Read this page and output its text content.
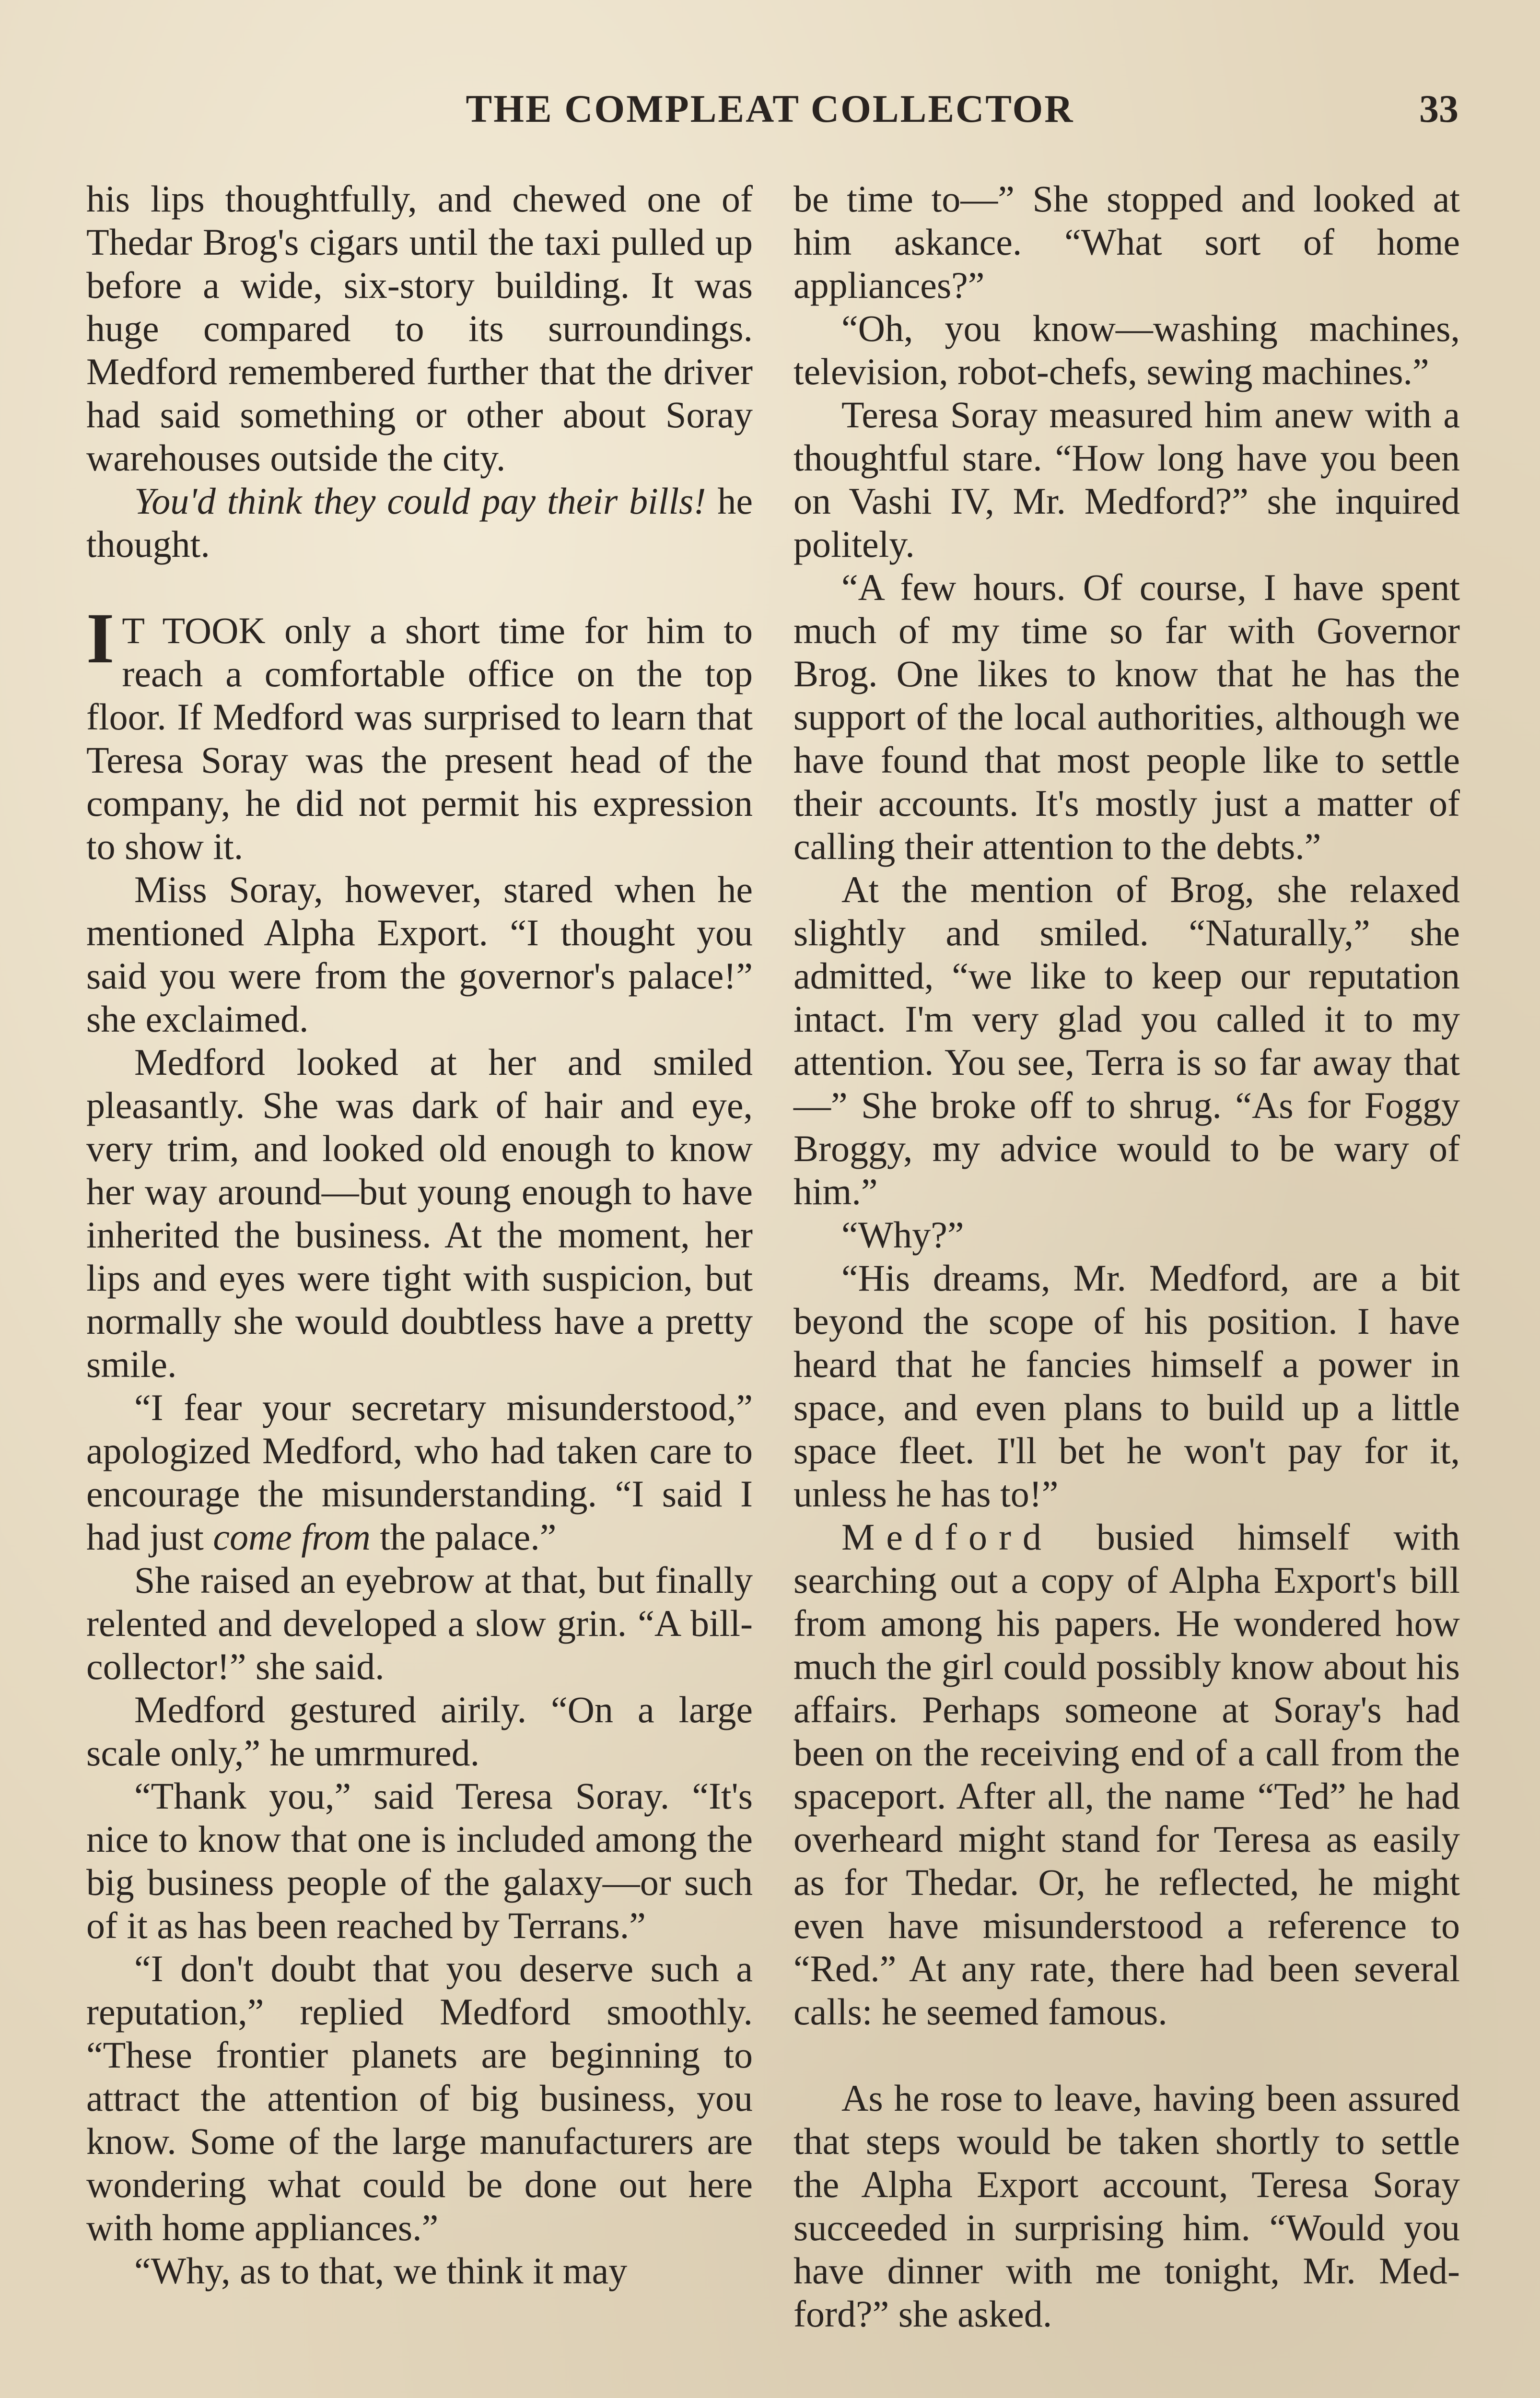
THE COMPLEAT COLLECTOR	33

his lips thoughtfully, and chewed one of Thedar Brog's cigars until the taxi pulled up before a wide, six-story building. It was huge compared to its surroundings. Medford remembered further that the driver had said something or other about Soray warehouses outside the city.

You'd think they could pay their bills! he thought.

I T TOOK only a short time for him to reach a comfortable office on the top floor. If Medford was surprised to learn that Teresa Soray was the present head of the company, he did not permit his expression to show it.

Miss Soray, however, stared when he mentioned Alpha Export. “I thought you said you were from the governor's palace!” she exclaimed.

Medford looked at her and smiled pleasantly. She was dark of hair and eye, very trim, and looked old enough to know her way around—but young enough to have inherited the business. At the moment, her lips and eyes were tight with suspicion, but normally she would doubtless have a pretty smile.

“I fear your secretary misunderstood,” apologized Medford, who had taken care to encourage the misunderstanding. “I said I had just come from the palace.”

She raised an eyebrow at that, but finally relented and developed a slow grin. “A bill-collector!” she said.

Medford gestured airily. “On a large scale only,” he umrmured.

“Thank you,” said Teresa Soray. “It's nice to know that one is included among the big business people of the galaxy—or such of it as has been reached by Terrans.”

“I don't doubt that you deserve such a reputation,” replied Medford smoothly. “These frontier planets are beginning to attract the attention of big business, you know. Some of the large manufacturers are wondering what could be done out here with home appliances.”

“Why, as to that, we think it may

be time to—” She stopped and looked at him askance. “What sort of home appliances?”

“Oh, you know—washing machines, television, robot-chefs, sewing machines.”

Teresa Soray measured him anew with a thoughtful stare. “How long have you been on Vashi IV, Mr. Medford?” she inquired politely.

“A few hours. Of course, I have spent much of my time so far with Governor Brog. One likes to know that he has the support of the local authorities, although we have found that most people like to settle their accounts. It's mostly just a matter of calling their attention to the debts.”

At the mention of Brog, she relaxed slightly and smiled. “Naturally,” she admitted, “we like to keep our reputation intact. I'm very glad you called it to my attention. You see, Terra is so far away that—” She broke off to shrug. “As for Foggy Broggy, my advice would to be wary of him.”

“Why?”

“His dreams, Mr. Medford, are a bit beyond the scope of his position. I have heard that he fancies himself a power in space, and even plans to build up a little space fleet. I'll bet he won't pay for it, unless he has to!”

Medford busied himself with searching out a copy of Alpha Export's bill from among his papers. He wondered how much the girl could possibly know about his affairs. Perhaps someone at Soray's had been on the receiving end of a call from the spaceport. After all, the name “Ted” he had overheard might stand for Teresa as easily as for Thedar. Or, he reflected, he might even have misunderstood a reference to “Red.” At any rate, there had been several calls: he seemed famous.

As he rose to leave, having been assured that steps would be taken shortly to settle the Alpha Export account, Teresa Soray succeeded in surprising him. “Would you have dinner with me tonight, Mr. Medford?” she asked.
